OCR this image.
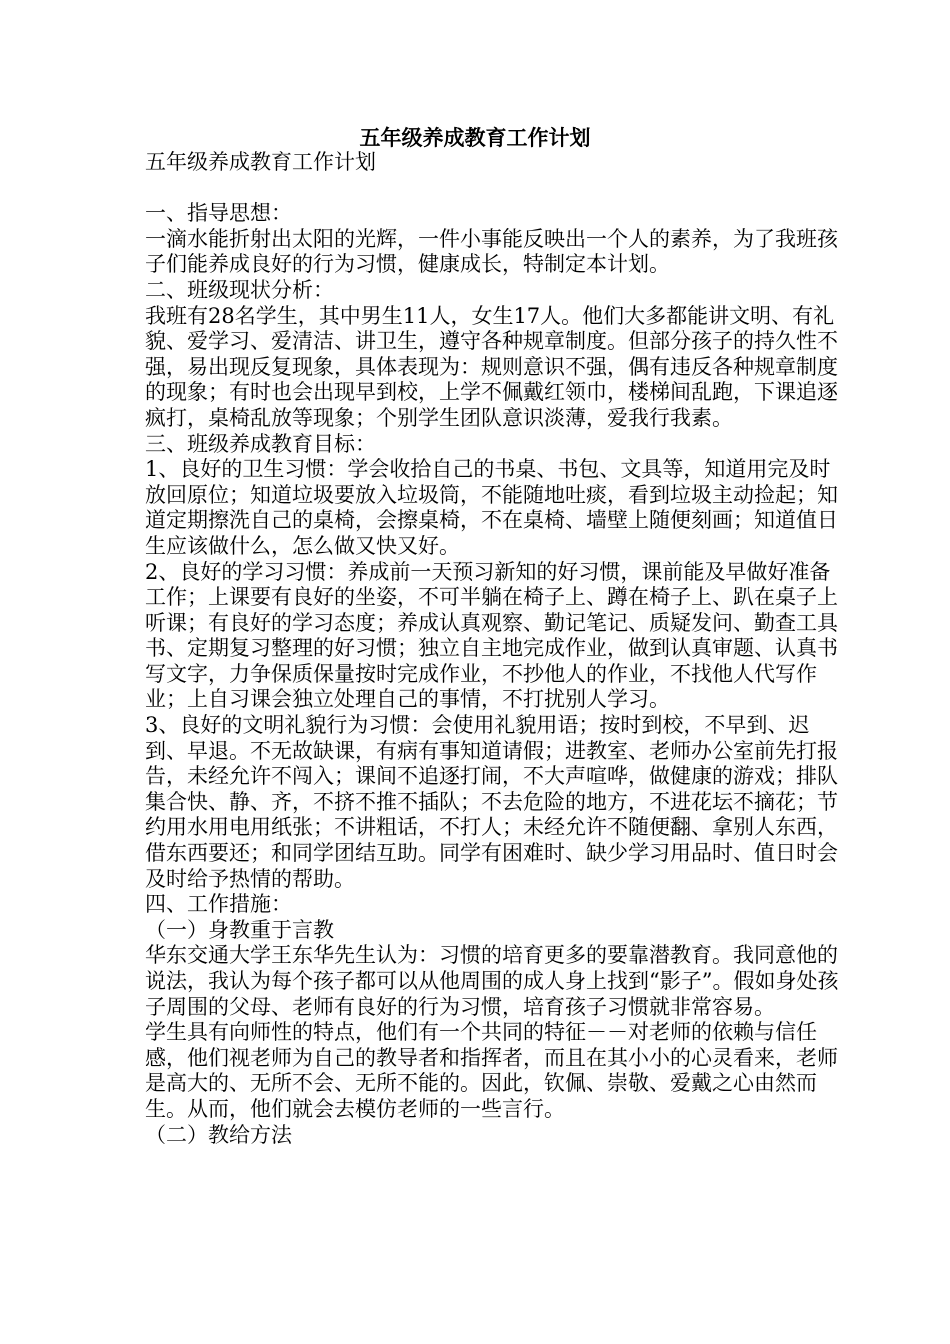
五年级养成教育工作计划

五年级养成教育工作计划

一、指导思想：

一滴水能折射出太阳的光辉，一件小事能反映出一个人的素养，为了我班孩子们能养成良好的行为习惯，健康成长，特制定本计划。

二、班级现状分析：

我班有28名学生，其中男生11人，女生17人。他们大多都能讲文明、有礼貌、爱学习、爱清洁、讲卫生，遵守各种规章制度。但部分孩子的持久性不强，易出现反复现象，具体表现为：规则意识不强，偶有违反各种规章制度的现象；有时也会出现早到校，上学不佩戴红领巾，楼梯间乱跑，下课追逐疯打，桌椅乱放等现象；个别学生团队意识淡薄，爱我行我素。

三、班级养成教育目标：

1、良好的卫生习惯：学会收拾自己的书桌、书包、文具等，知道用完及时放回原位；知道垃圾要放入垃圾筒，不能随地吐痰，看到垃圾主动捡起；知道定期擦洗自己的桌椅，会擦桌椅，不在桌椅、墙壁上随便刻画；知道值日生应该做什么，怎么做又快又好。

2、良好的学习习惯：养成前一天预习新知的好习惯，课前能及早做好准备工作；上课要有良好的坐姿，不可半躺在椅子上、蹲在椅子上、趴在桌子上听课；有良好的学习态度；养成认真观察、勤记笔记、质疑发问、勤查工具书、定期复习整理的好习惯；独立自主地完成作业，做到认真审题、认真书写文字，力争保质保量按时完成作业，不抄他人的作业，不找他人代写作业；上自习课会独立处理自己的事情，不打扰别人学习。

3、良好的文明礼貌行为习惯：会使用礼貌用语；按时到校，不早到、迟到、早退。不无故缺课，有病有事知道请假；进教室、老师办公室前先打报告，未经允许不闯入；课间不追逐打闹，不大声喧哗，做健康的游戏；排队集合快、静、齐，不挤不推不插队；不去危险的地方，不进花坛不摘花；节约用水用电用纸张；不讲粗话，不打人；未经允许不随便翻、拿别人东西，借东西要还；和同学团结互助。同学有困难时、缺少学习用品时、值日时会及时给予热情的帮助。

四、工作措施：

（一）身教重于言教

华东交通大学王东华先生认为：习惯的培育更多的要靠潜教育。我同意他的说法，我认为每个孩子都可以从他周围的成人身上找到“影子”。假如身处孩子周围的父母、老师有良好的行为习惯，培育孩子习惯就非常容易。

学生具有向师性的特点，他们有一个共同的特征－－对老师的依赖与信任感，他们视老师为自己的教导者和指挥者，而且在其小小的心灵看来，老师是高大的、无所不会、无所不能的。因此，钦佩、崇敬、爱戴之心由然而生。从而，他们就会去模仿老师的一些言行。

（二）教给方法
